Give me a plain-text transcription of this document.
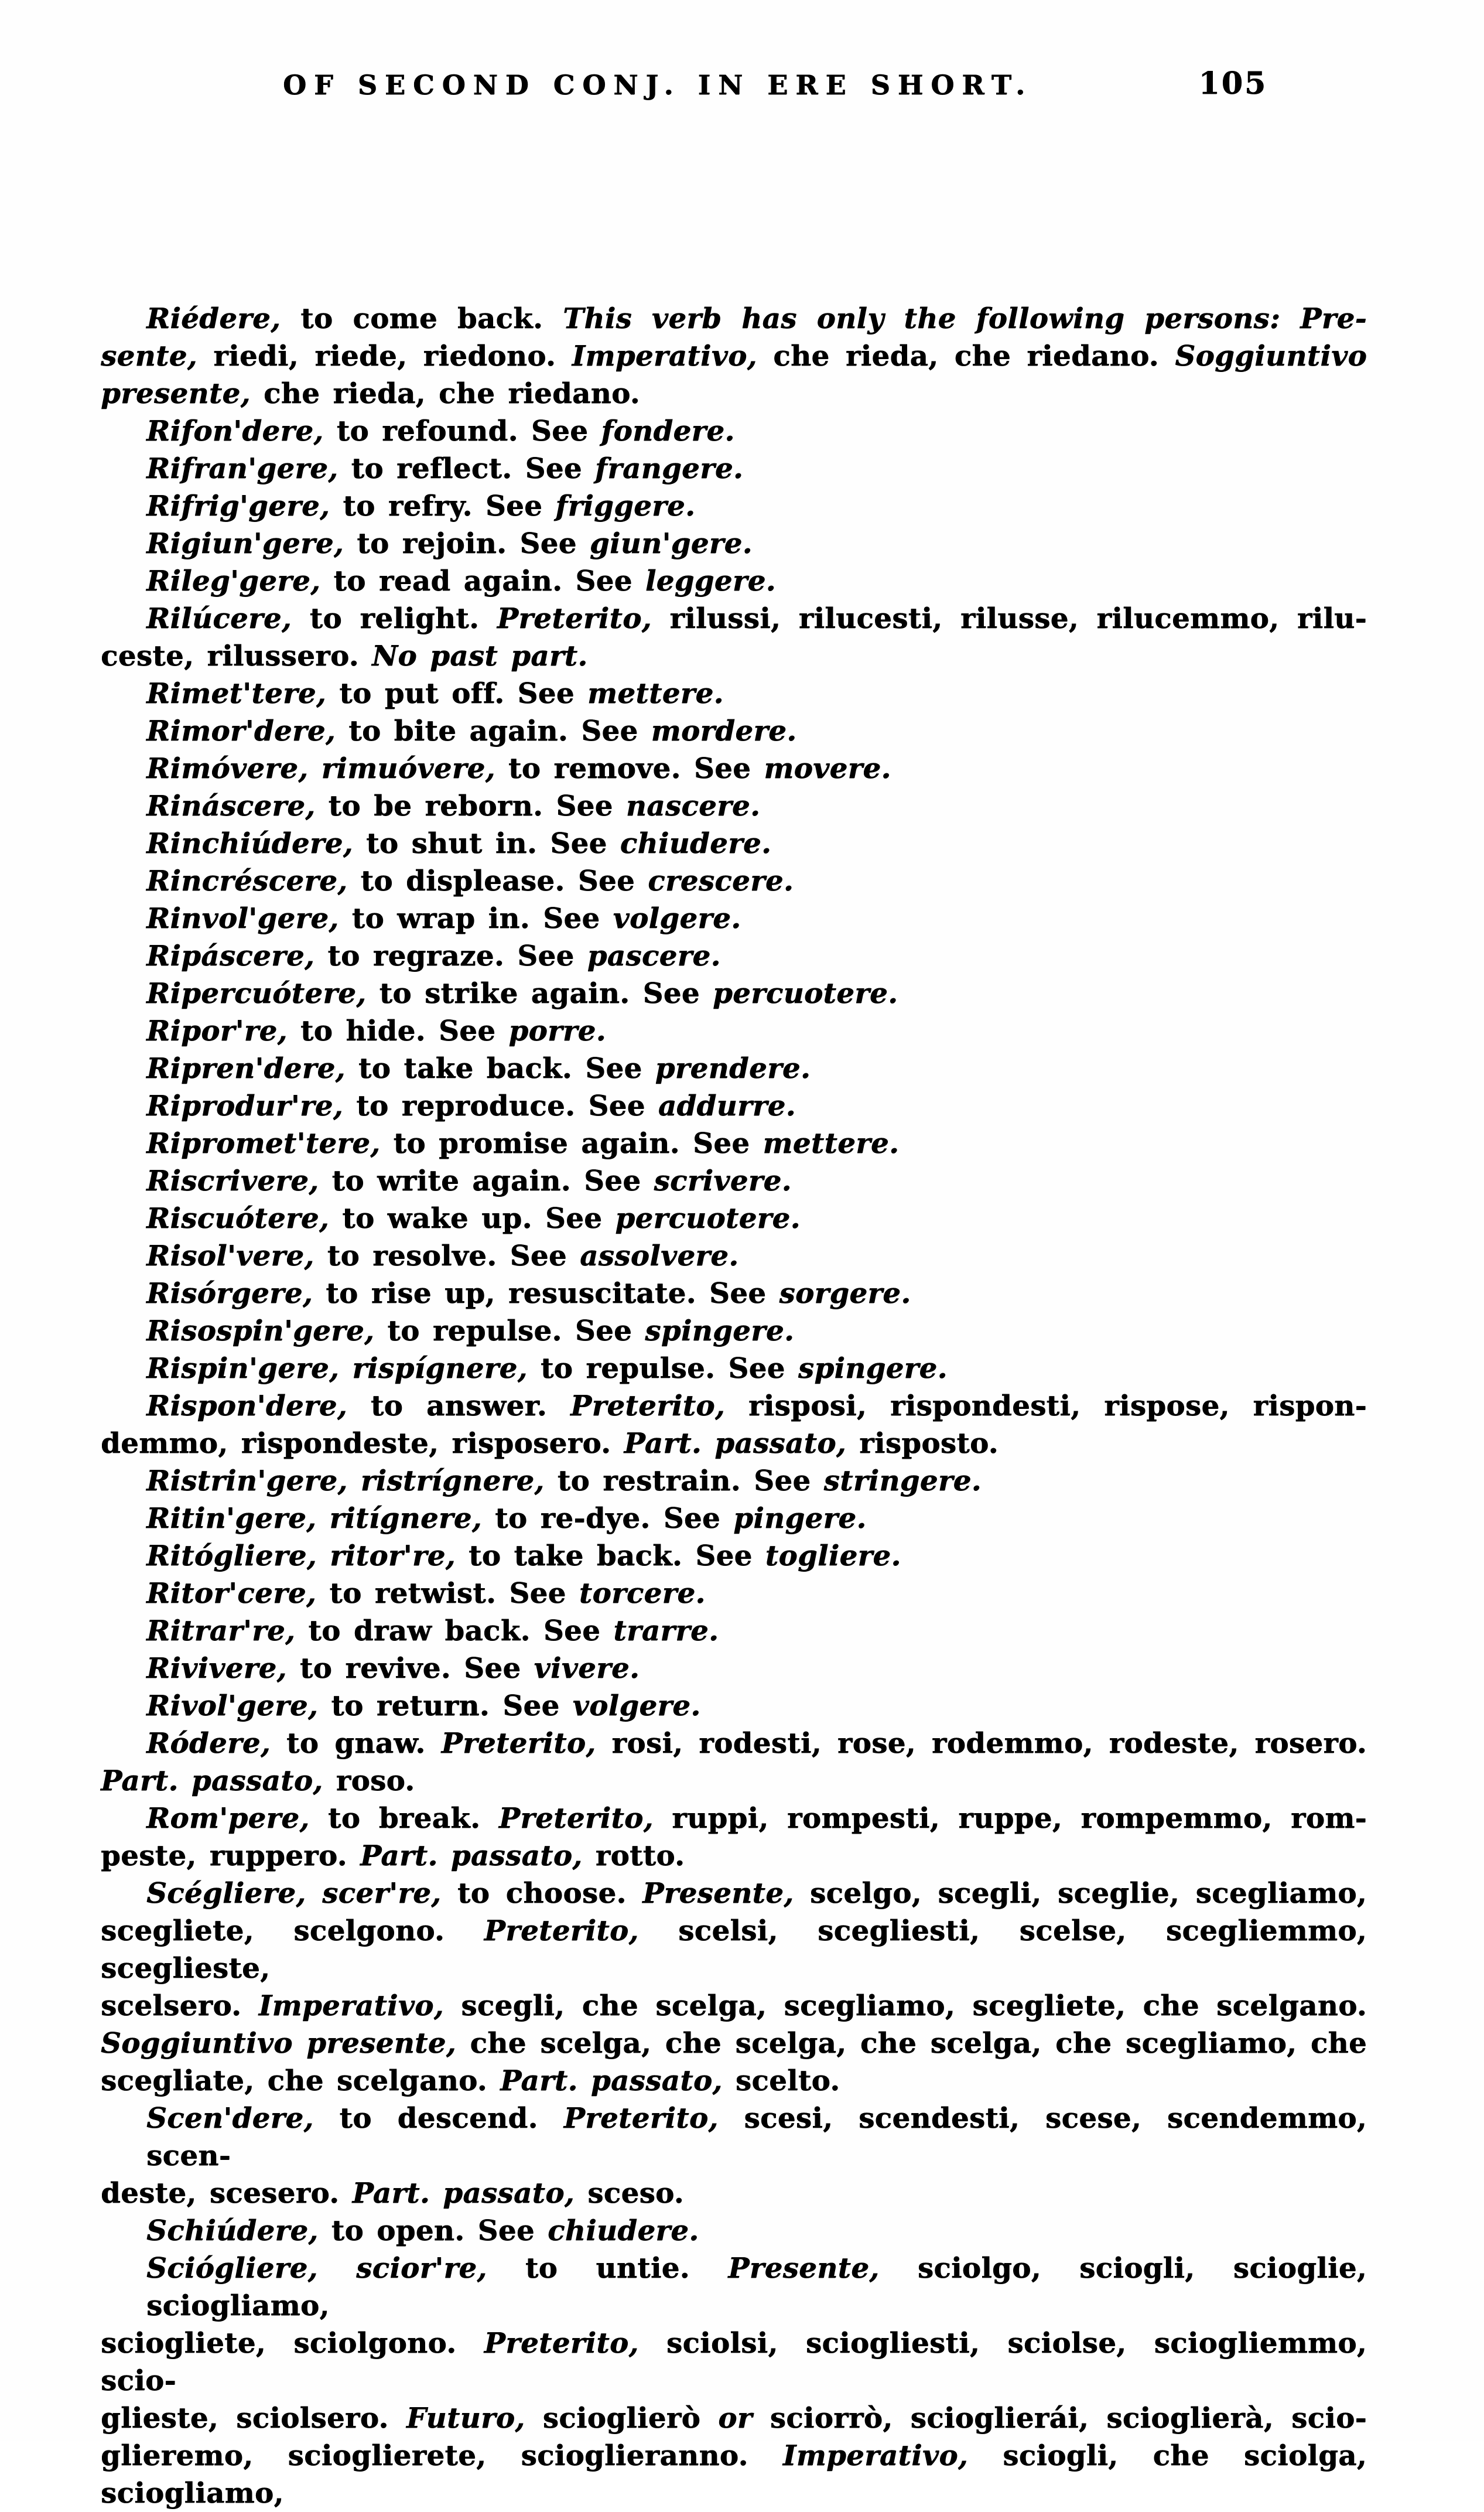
OF SECOND CONJ. IN ERE SHORT.	105
Riédere, to come back. This verb has only the following persons: Pre-
sente, riedi, riede, riedono. Imperativo, che rieda, che riedano. Soggiuntivo
presente, che rieda, che riedano.
Rifon'dere, to refound. See fondere.
Rifran'gere, to reflect. See frangere.
Rifrig'gere, to refry. See friggere.
Rigiun'gere, to rejoin. See giun'gere.
Rileg'gere, to read again. See leggere.
Rilúcere, to relight. Preterito, rilussi, rilucesti, rilusse, rilucemmo, rilu-
ceste, rilussero. No past part.
Rimet'tere, to put off. See mettere.
Rimor'dere, to bite again. See mordere.
Rimóvere, rimuóvere, to remove. See movere.
Rináscere, to be reborn. See nascere.
Rinchiúdere, to shut in. See chiudere.
Rincréscere, to displease. See crescere.
Rinvol'gere, to wrap in. See volgere.
Ripáscere, to regraze. See pascere.
Ripercuótere, to strike again. See percuotere.
Ripor're, to hide. See porre.
Ripren'dere, to take back. See prendere.
Riprodur're, to reproduce. See addurre.
Ripromet'tere, to promise again. See mettere.
Riscrivere, to write again. See scrivere.
Riscuótere, to wake up. See percuotere.
Risol'vere, to resolve. See assolvere.
Risórgere, to rise up, resuscitate. See sorgere.
Risospin'gere, to repulse. See spingere.
Rispin'gere, rispígnere, to repulse. See spingere.
Rispon'dere, to answer. Preterito, risposi, rispondesti, rispose, rispon-
demmo, rispondeste, risposero. Part. passato, risposto.
Ristrin'gere, ristrígnere, to restrain. See stringere.
Ritin'gere, ritígnere, to re-dye. See pingere.
Ritógliere, ritor're, to take back. See togliere.
Ritor'cere, to retwist. See torcere.
Ritrar're, to draw back. See trarre.
Rivivere, to revive. See vivere.
Rivol'gere, to return. See volgere.
Ródere, to gnaw. Preterito, rosi, rodesti, rose, rodemmo, rodeste, rosero.
Part. passato, roso.
Rom'pere, to break. Preterito, ruppi, rompesti, ruppe, rompemmo, rom-
peste, ruppero. Part. passato, rotto.
Scégliere, scer're, to choose. Presente, scelgo, scegli, sceglie, scegliamo,
scegliete, scelgono. Preterito, scelsi, scegliesti, scelse, scegliemmo, sceglieste,
scelsero. Imperativo, scegli, che scelga, scegliamo, scegliete, che scelgano.
Soggiuntivo presente, che scelga, che scelga, che scelga, che scegliamo, che
scegliate, che scelgano. Part. passato, scelto.
Scen'dere, to descend. Preterito, scesi, scendesti, scese, scendemmo, scen-
deste, scesero. Part. passato, sceso.
Schiúdere, to open. See chiudere.
Sciógliere, scior're, to untie. Presente, sciolgo, sciogli, scioglie, sciogliamo,
sciogliete, sciolgono. Preterito, sciolsi, sciogliesti, sciolse, sciogliemmo, scio-
glieste, sciolsero. Futuro, scioglierò or sciorrò, scioglierái, scioglierà, scio-
glieremo, scioglierete, scioglieranno. Imperativo, sciogli, che sciolga, sciogliamo,
